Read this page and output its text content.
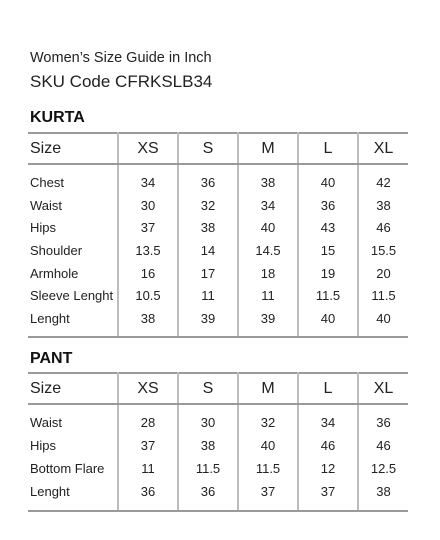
Women’s Size Guide in Inch
SKU Code CFRKSLB34
KURTA
Size	XS	S	M	L	XL
Chest	34	36	38	40	42
Waist	30	32	34	36	38
Hips	37	38	40	43	46
Shoulder	13.5	14	14.5	15	15.5
Armhole	16	17	18	19	20
Sleeve Lenght	10.5	11	11	11.5	11.5
Lenght	38	39	39	40	40
PANT
Size	XS	S	M	L	XL
Waist	28	30	32	34	36
Hips	37	38	40	46	46
Bottom Flare	11	11.5	11.5	12	12.5
Lenght	36	36	37	37	38
